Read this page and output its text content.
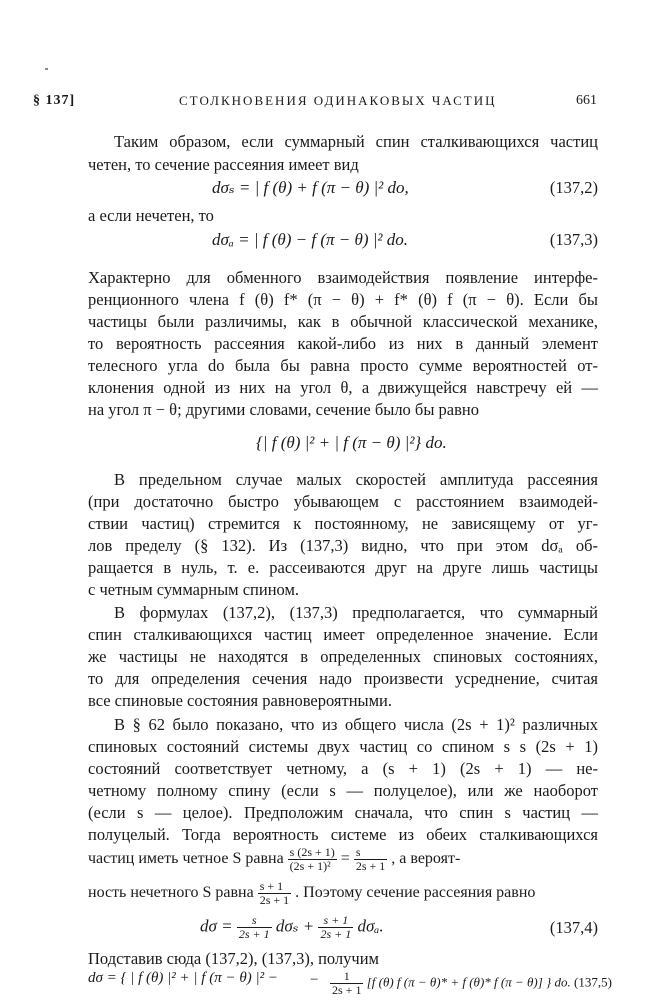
§ 137]	СТОЛКНОВЕНИЯ ОДИНАКОВЫХ ЧАСТИЦ	661
Таким образом, если суммарный спин сталкивающихся частиц
четен, то сечение рассеяния имеет вид
dσₛ = | f (θ) + f (π − θ) |² do,	(137,2)
а если нечетен, то
dσₐ = | f (θ) − f (π − θ) |² do.	(137,3)
Характерно для обменного взаимодействия появление интерфе-
ренционного члена f (θ) f* (π − θ) + f* (θ) f (π − θ). Если бы
частицы были различимы, как в обычной классической механике,
то вероятность рассеяния какой-либо из них в данный элемент
телесного угла do была бы равна просто сумме вероятностей от-
клонения одной из них на угол θ, а движущейся навстречу ей —
на угол π − θ; другими словами, сечение было бы равно
{| f (θ) |² + | f (π − θ) |²} do.
В предельном случае малых скоростей амплитуда рассеяния
(при достаточно быстро убывающем с расстоянием взаимодей-
ствии частиц) стремится к постоянному, не зависящему от уг-
лов пределу (§ 132). Из (137,3) видно, что при этом dσₐ об-
ращается в нуль, т. е. рассеиваются друг на друге лишь частицы
с четным суммарным спином.
В формулах (137,2), (137,3) предполагается, что суммарный
спин сталкивающихся частиц имеет определенное значение. Если
же частицы не находятся в определенных спиновых состояниях,
то для определения сечения надо произвести усреднение, считая
все спиновые состояния равновероятными.
В § 62 было показано, что из общего числа (2s + 1)² различных
спиновых состояний системы двух частиц со спином s s (2s + 1)
состояний соответствует четному, а (s + 1) (2s + 1) — не-
четному полному спину (если s — полуцелое), или же наоборот
(если s — целое). Предположим сначала, что спин s частиц —
полуцелый. Тогда вероятность системе из обеих сталкивающихся
частиц иметь четное S равна $\frac{s (2s + 1)}{\text{(2s + 1)²}} = \frac{s}{2s + 1}$ , а вероят-
ность нечетного S равна $\frac{s + 1}{2s + 1}$ . Поэтому сечение рассеяния равно
$d\sigma = \frac{s}{2s + 1}$ $d\sigma_s + \frac{s + 1}{2s + 1} d\sigma_a$.	(137,4)
Подставив сюда (137,2), (137,3), получим
dσ = { | f (θ) |² + | f (π − θ) |² −	$\frac{1}{2s + 1} [f$ (θ) f (π − θ)* + f (θ)* f (π − θ)] } do. (137,5)
−
